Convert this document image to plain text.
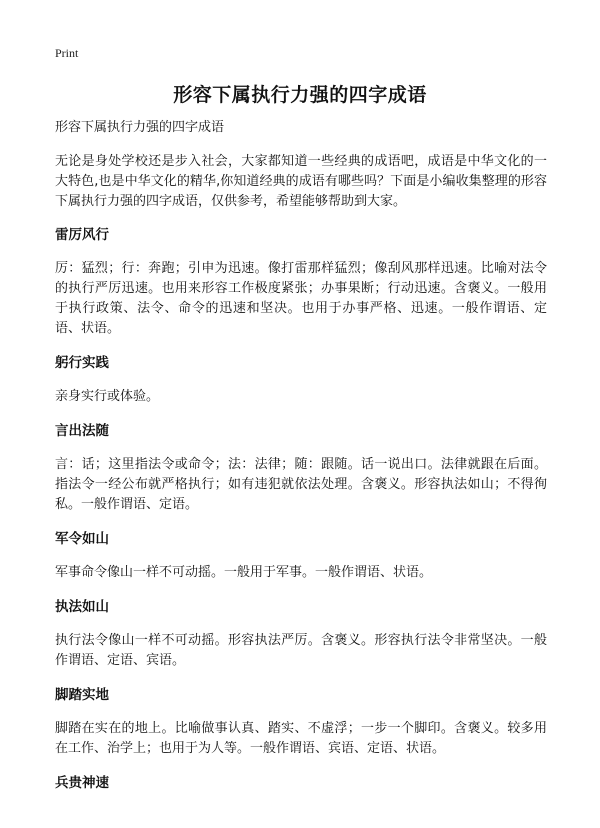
Print
形容下属执行力强的四字成语

形容下属执行力强的四字成语

无论是身处学校还是步入社会，大家都知道一些经典的成语吧，成语是中华文化的一大特色,也是中华文化的精华,你知道经典的成语有哪些吗？下面是小编收集整理的形容下属执行力强的四字成语，仅供参考，希望能够帮助到大家。

雷厉风行

厉：猛烈；行：奔跑；引申为迅速。像打雷那样猛烈；像刮风那样迅速。比喻对法令的执行严厉迅速。也用来形容工作极度紧张；办事果断；行动迅速。含褒义。一般用于执行政策、法令、命令的迅速和坚决。也用于办事严格、迅速。一般作谓语、定语、状语。

躬行实践

亲身实行或体验。

言出法随

言：话；这里指法令或命令；法：法律；随：跟随。话一说出口。法律就跟在后面。指法令一经公布就严格执行；如有违犯就依法处理。含褒义。形容执法如山；不得徇私。一般作谓语、定语。

军令如山

军事命令像山一样不可动摇。一般用于军事。一般作谓语、状语。

执法如山

执行法令像山一样不可动摇。形容执法严厉。含褒义。形容执行法令非常坚决。一般作谓语、定语、宾语。

脚踏实地

脚踏在实在的地上。比喻做事认真、踏实、不虚浮；一步一个脚印。含褒义。较多用在工作、治学上；也用于为人等。一般作谓语、宾语、定语、状语。

兵贵神速
